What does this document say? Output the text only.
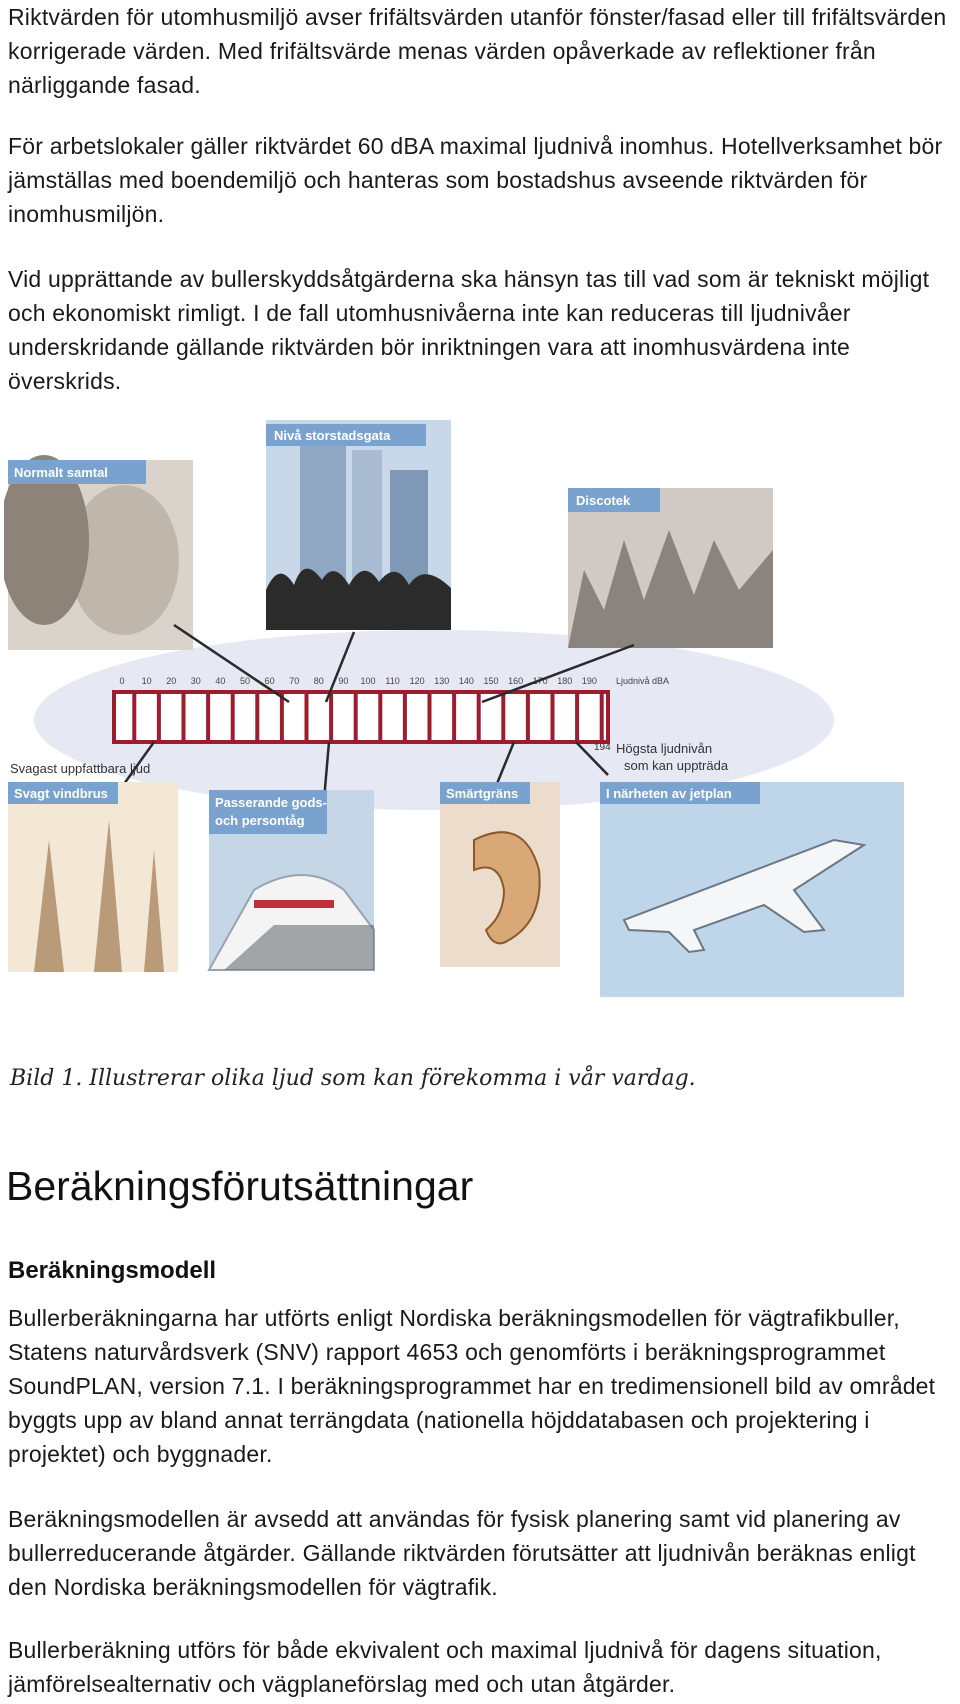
Riktvärden för utomhusmiljö avser frifältsvärden utanför fönster/fasad eller till frifältsvärden korrigerade värden. Med frifältsvärde menas värden opåverkade av reflektioner från närliggande fasad.

För arbetslokaler gäller riktvärdet 60 dBA maximal ljudnivå inomhus. Hotellverksamhet bör jämställas med boendemiljö och hanteras som bostadshus avseende riktvärden för inomhusmiljön.

Vid upprättande av bullerskyddsåtgärderna ska hänsyn tas till vad som är tekniskt möjligt och ekonomiskt rimligt. I de fall utomhusnivåerna inte kan reduceras till ljudnivåer underskridande gällande riktvärden bör inriktningen vara att inomhusvärdena inte överskrids.

Normalt samtal
Nivå storstadsgata
Discotek
0 10 20 30 40 50 60 70 80 90 100 110 120 130 140 150 160 170 180 190 Ljudnivå dBA
Svagast uppfattbara ljud
194 Högsta ljudnivån
som kan uppträda
Svagt vindbrus
Passerande gods-
och persontåg
Smärtgräns	I närheten av jetplan
Bild 1. Illustrerar olika ljud som kan förekomma i vår vardag.
Beräkningsförutsättningar
Beräkningsmodell

Bullerberäkningarna har utförts enligt Nordiska beräkningsmodellen för vägtrafikbuller, Statens naturvårdsverk (SNV) rapport 4653 och genomförts i beräkningsprogrammet SoundPLAN, version 7.1. I beräkningsprogrammet har en tredimensionell bild av området byggts upp av bland annat terrängdata (nationella höjddatabasen och projektering i projektet) och byggnader.

Beräkningsmodellen är avsedd att användas för fysisk planering samt vid planering av bullerreducerande åtgärder. Gällande riktvärden förutsätter att ljudnivån beräknas enligt den Nordiska beräkningsmodellen för vägtrafik.

Bullerberäkning utförs för både ekvivalent och maximal ljudnivå för dagens situation, jämförelsealternativ och vägplaneförslag med och utan åtgärder.
